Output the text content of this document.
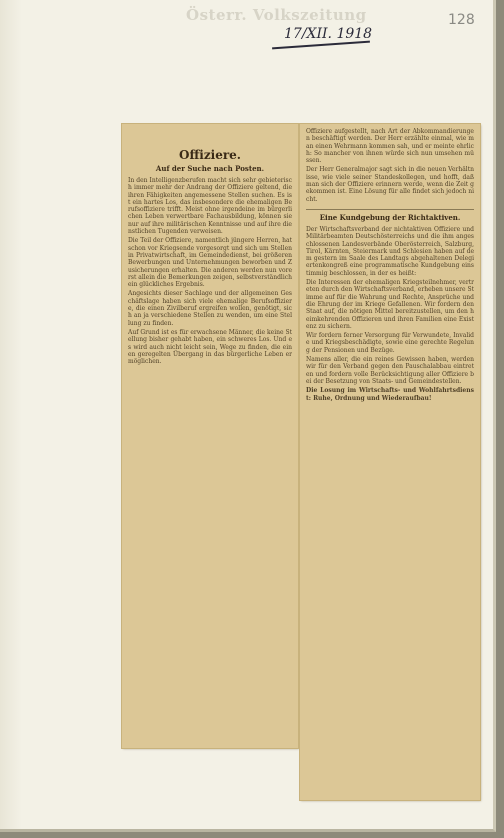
Österr. Volkszeitung	128
17/XII. 1918
Offiziere.
Auf der Suche nach Posten.

In den Intelligenzberufen macht sich sehr gebieterisch immer mehr der Andrang der Offiziere geltend, die ihren Fähigkeiten angemessene Stellen suchen. Es ist ein hartes Los, das insbesondere die ehemaligen Berufsoffiziere trifft. Meist ohne irgendeine im bürgerlichen Leben verwertbare Fachausbildung, können sie nur auf ihre militärischen Kenntnisse und auf ihre dienstlichen Tugenden verweisen.

Die Teil der Offiziere, namentlich jüngere Herren, hat schon vor Kriegsende vorgesorgt und sich um Stellen in Privatwirtschaft, im Gemeindedienst, bei größeren Bewerbungen und Unternehmungen beworben und Zusicherungen erhalten. Die anderen werden nun vorerst allein die Bemerkungen zeigen, selbstverständlich ein glückliches Ergebnis.

Angesichts dieser Sachlage und der allgemeinen Geschäftslage haben sich viele ehemalige Berufsoffiziere, die einen Zivilberuf ergreifen wollen, genötigt, sich an ja verschiedene Stellen zu wenden, um eine Stellung zu finden.

Auf Grund ist es für erwachsene Männer, die keine Stellung bisher gehabt haben, ein schweres Los. Und es wird auch nicht leicht sein, Wege zu finden, die einen geregelten Übergang in das bürgerliche Leben ermöglichen.

Offiziere aufgestellt, nach Art der Abkommandierungen beschäftigt werden. Der Herr erzählte einmal, wie man einen Wehrmann kommen sah, und er meinte ehrlich: So mancher von ihnen würde sich nun umsehen müssen.

Der Herr Generalmajor sagt sich in die neuen Verhältnisse, wie viele seiner Standeskollegen, und hofft, daß man sich der Offiziere erinnern werde, wenn die Zeit gekommen ist. Eine Lösung für alle findet sich jedoch nicht.

Eine Kundgebung der Richtaktiven.

Der Wirtschaftsverband der nichtaktiven Offiziere und Militärbeamten Deutschösterreichs und die ihm angeschlossenen Landesverbände Oberösterreich, Salzburg, Tirol, Kärnten, Steiermark und Schlesien haben auf dem gestern im Saale des Landtags abgehaltenen Delegiertenkongreß eine programmatische Kundgebung einstimmig beschlossen, in der es heißt:

Die Interessen der ehemaligen Kriegsteilnehmer, vertreten durch den Wirtschaftsverband, erheben unsere Stimme auf für die Wahrung und Rechte, Ansprüche und die Ehrung der im Kriege Gefallenen. Wir fordern den Staat auf, die nötigen Mittel bereitzustellen, um den heimkehrenden Offizieren und ihren Familien eine Existenz zu sichern.

Wir fordern ferner Versorgung für Verwundete, Invalide und Kriegsbeschädigte, sowie eine gerechte Regelung der Pensionen und Bezüge.

Namens aller, die ein reines Gewissen haben, werden wir für den Verband gegen den Pauschalabbau eintreten und fordern volle Berücksichtigung aller Offiziere bei der Besetzung von Staats- und Gemeindestellen.

Die Losung im Wirtschafts- und Wohlfahrtsdienst: Ruhe, Ordnung und Wiederaufbau!
